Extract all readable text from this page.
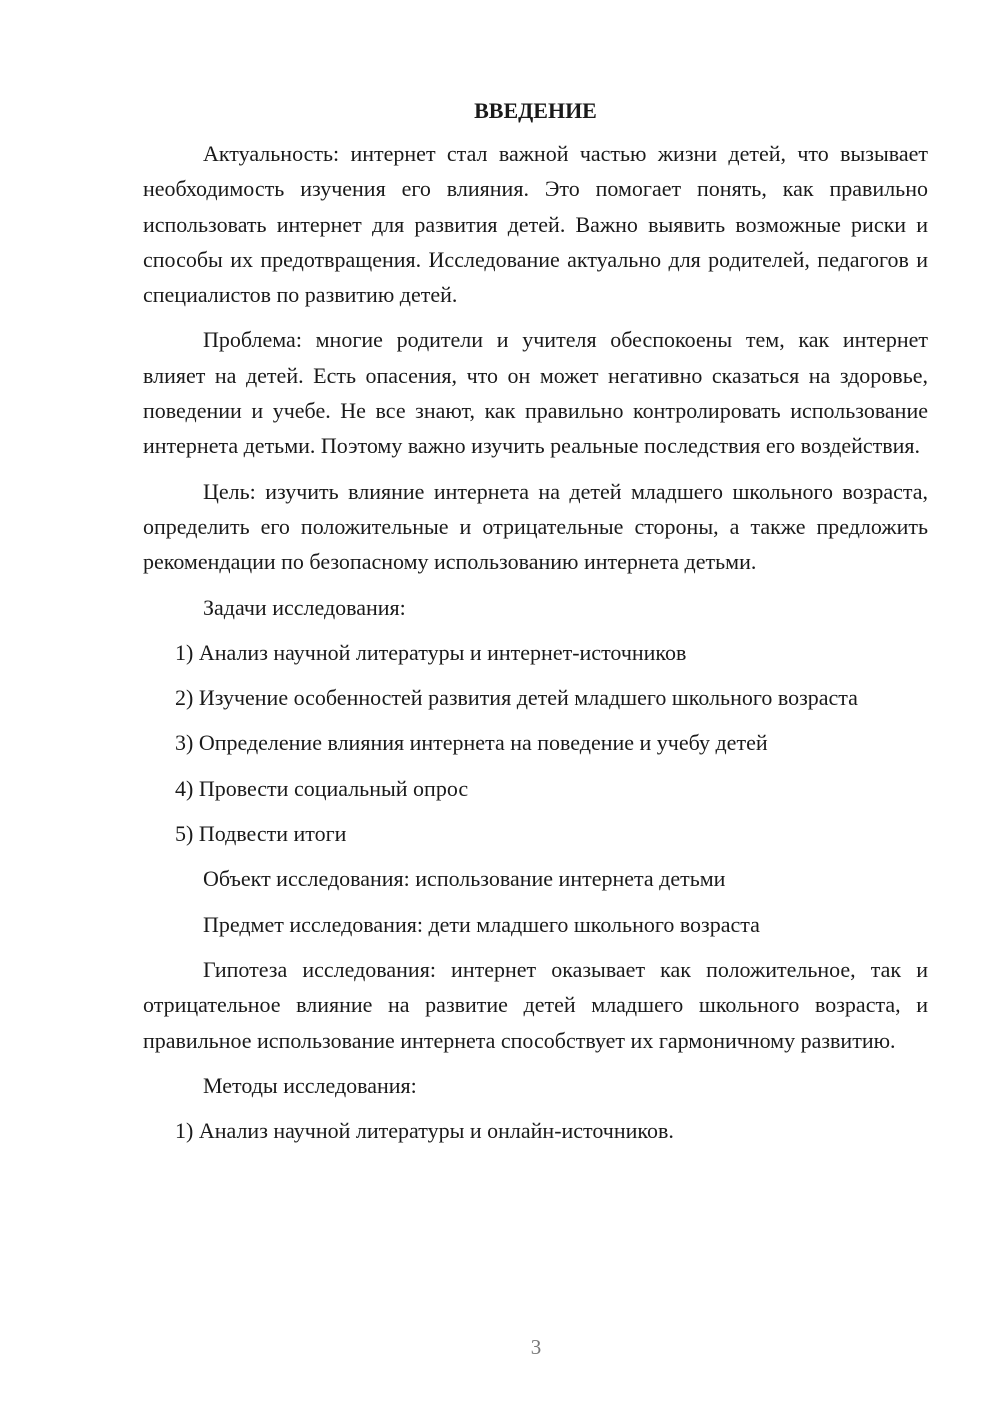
ВВЕДЕНИЕ

Актуальность: интернет стал важной частью жизни детей, что вызывает необходимость изучения его влияния. Это помогает понять, как правильно использовать интернет для развития детей. Важно выявить возможные риски и способы их предотвращения. Исследование актуально для родителей, педагогов и специалистов по развитию детей.

Проблема: многие родители и учителя обеспокоены тем, как интернет влияет на детей. Есть опасения, что он может негативно сказаться на здоровье, поведении и учебе. Не все знают, как правильно контролировать использование интернета детьми. Поэтому важно изучить реальные последствия его воздействия.

Цель: изучить влияние интернета на детей младшего школьного возраста, определить его положительные и отрицательные стороны, а также предложить рекомендации по безопасному использованию интернета детьми.

Задачи исследования:

1) Анализ научной литературы и интернет-источников

2) Изучение особенностей развития детей младшего школьного возраста

3) Определение влияния интернета на поведение и учебу детей

4) Провести социальный опрос

5) Подвести итоги

Объект исследования: использование интернета детьми

Предмет исследования: дети младшего школьного возраста

Гипотеза исследования: интернет оказывает как положительное, так и отрицательное влияние на развитие детей младшего школьного возраста, и правильное использование интернета способствует их гармоничному развитию.

Методы исследования:

1) Анализ научной литературы и онлайн-источников.

3
